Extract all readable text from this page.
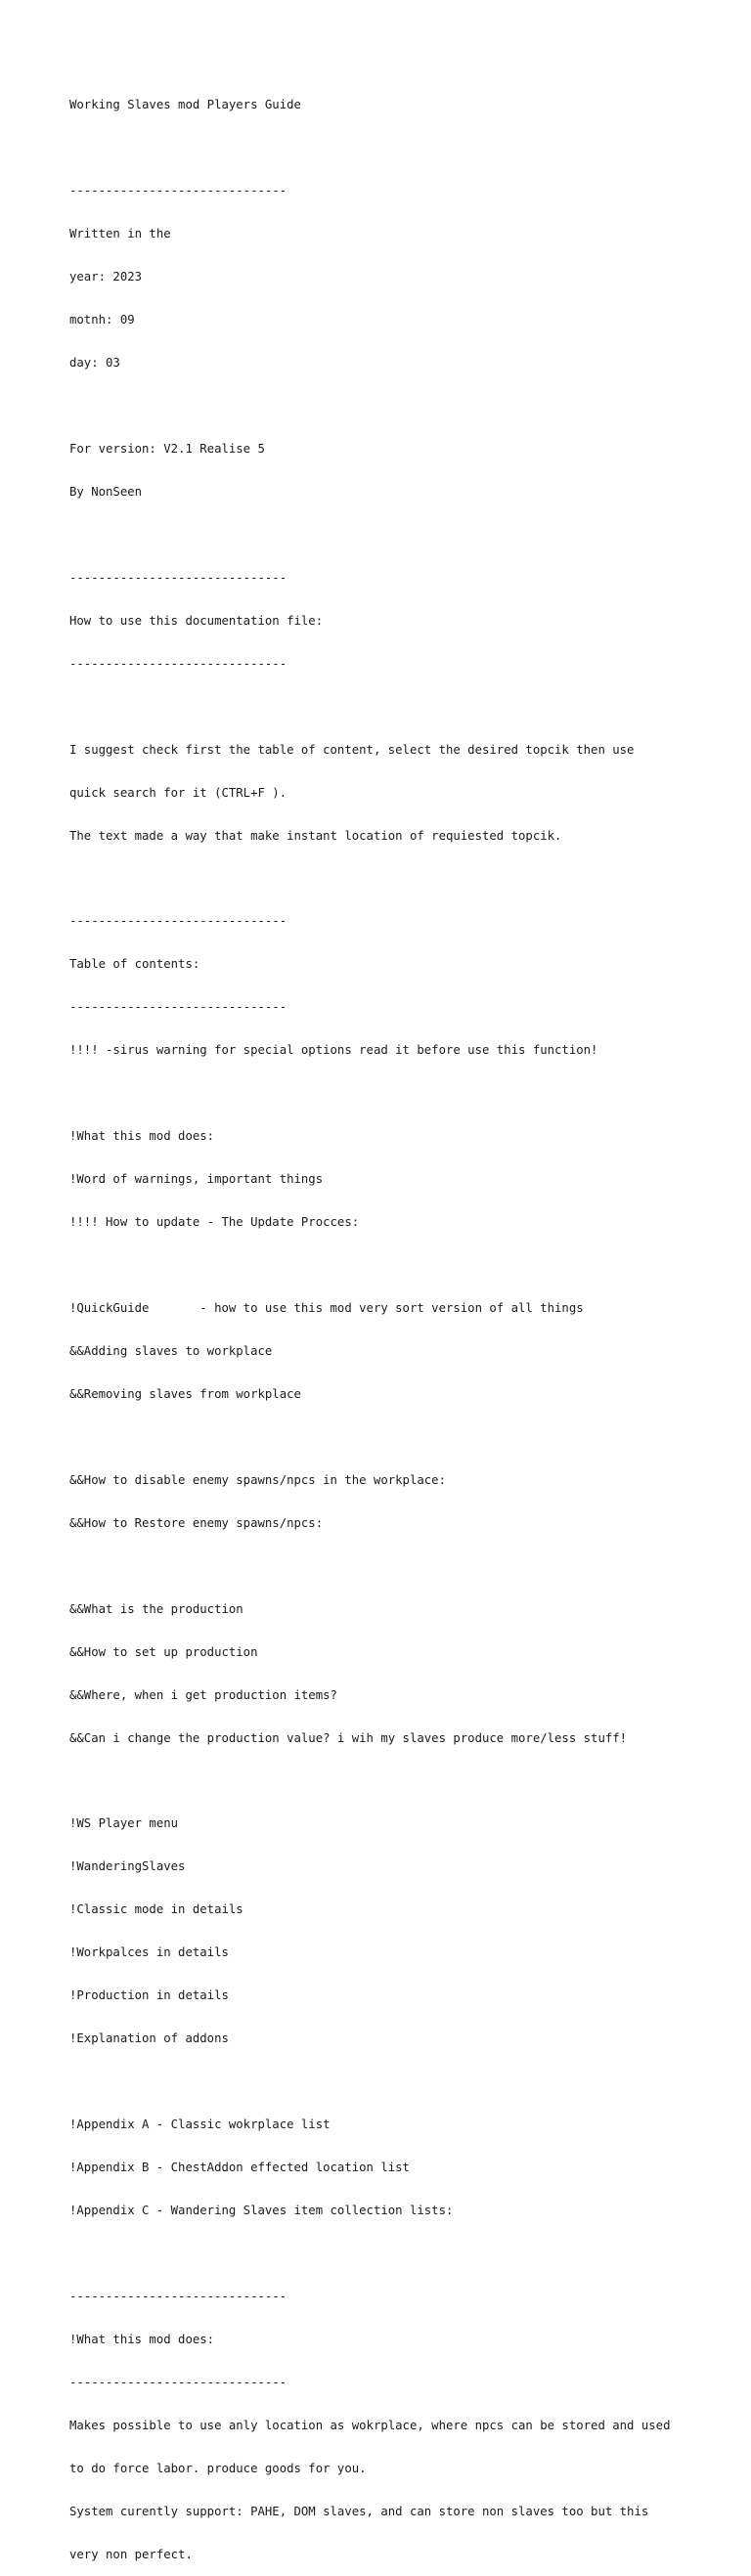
Working Slaves mod Players Guide

------------------------------

Written in the

year: 2023

motnh: 09

day: 03

For version: V2.1 Realise 5

By NonSeen

------------------------------

How to use this documentation file:

------------------------------

I suggest check first the table of content, select the desired topcik then use

quick search for it (CTRL+F ).

The text made a way that make instant location of requiested topcik.

------------------------------

Table of contents:

------------------------------

!!!! -sirus warning for special options read it before use this function!

!What this mod does:

!Word of warnings, important things

!!!! How to update - The Update Procces:

!QuickGuide       - how to use this mod very sort version of all things

&&Adding slaves to workplace

&&Removing slaves from workplace

&&How to disable enemy spawns/npcs in the workplace:

&&How to Restore enemy spawns/npcs:

&&What is the production

&&How to set up production

&&Where, when i get production items?

&&Can i change the production value? i wih my slaves produce more/less stuff!

!WS Player menu

!WanderingSlaves

!Classic mode in details

!Workpalces in details

!Production in details

!Explanation of addons

!Appendix A - Classic wokrplace list

!Appendix B - ChestAddon effected location list

!Appendix C - Wandering Slaves item collection lists:

------------------------------

!What this mod does:

------------------------------

Makes possible to use anly location as wokrplace, where npcs can be stored and used

to do force labor. produce goods for you.

System curently support: PAHE, DOM slaves, and can store non slaves too but this

very non perfect.
